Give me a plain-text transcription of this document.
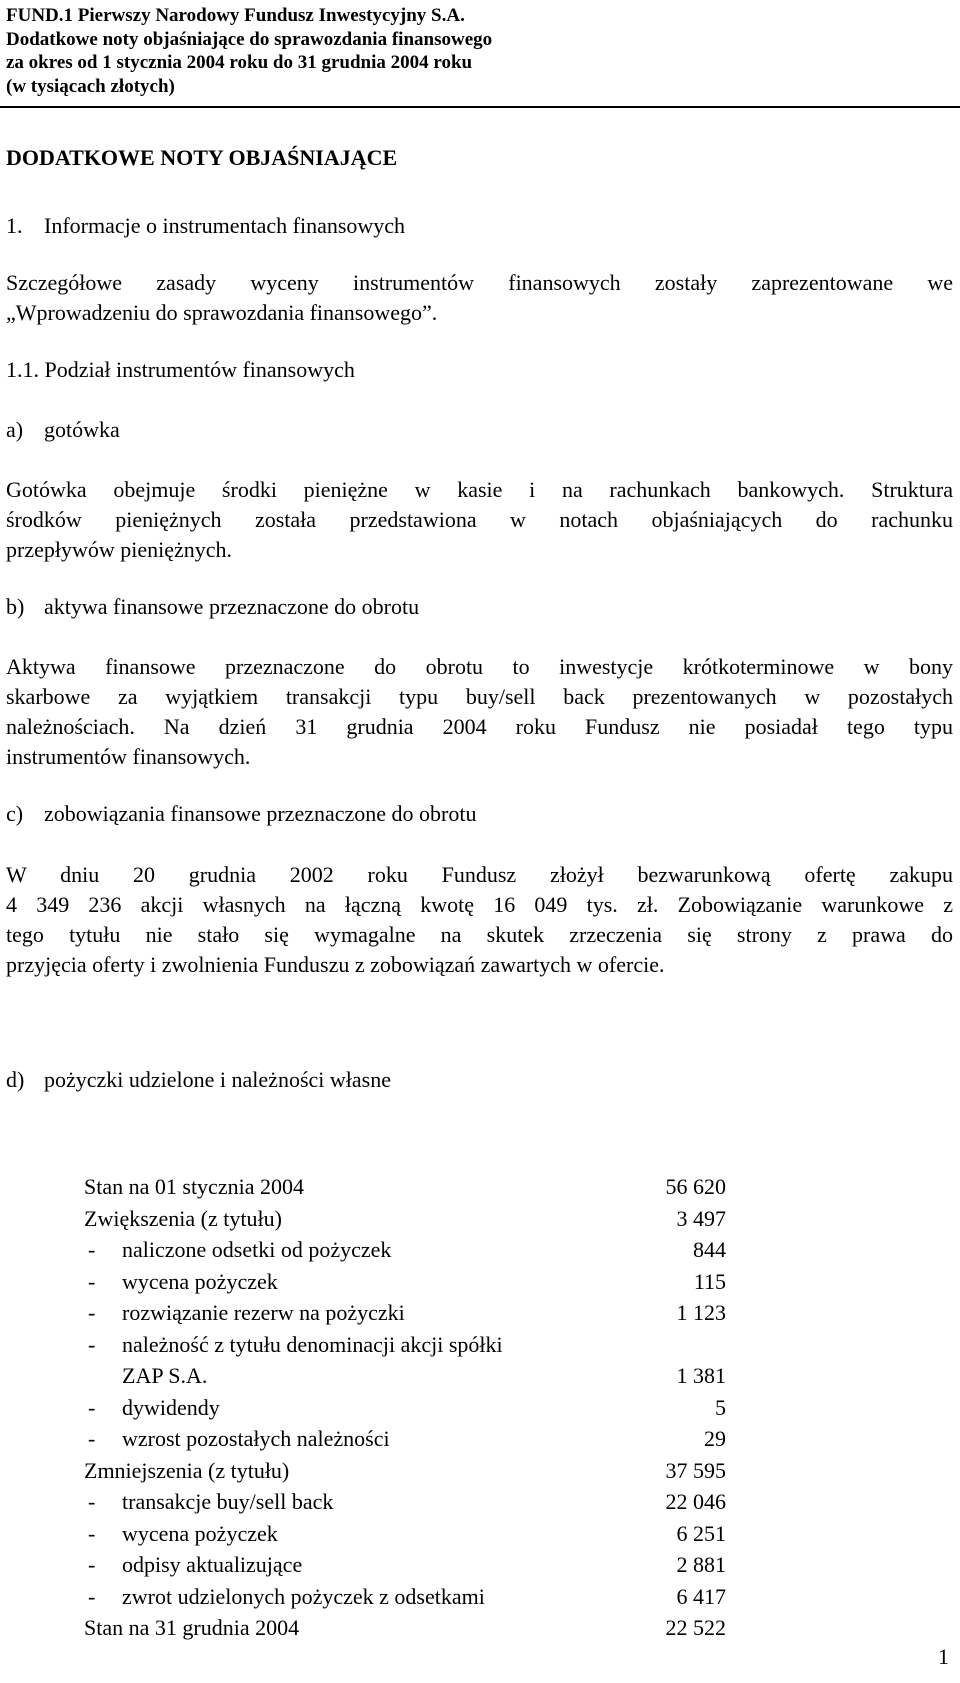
FUND.1 Pierwszy Narodowy Fundusz Inwestycyjny S.A.
Dodatkowe noty objaśniające do sprawozdania finansowego
za okres od 1 stycznia 2004 roku do 31 grudnia 2004 roku
(w tysiącach złotych)
DODATKOWE NOTY OBJAŚNIAJĄCE
1. Informacje o instrumentach finansowych
Szczegółowe zasady wyceny instrumentów finansowych zostały zaprezentowane we
„Wprowadzeniu do sprawozdania finansowego”.
1.1. Podział instrumentów finansowych
a) gotówka
Gotówka obejmuje środki pieniężne w kasie i na rachunkach bankowych. Struktura
środków pieniężnych została przedstawiona w notach objaśniających do rachunku
przepływów pieniężnych.
b) aktywa finansowe przeznaczone do obrotu
Aktywa finansowe przeznaczone do obrotu to inwestycje krótkoterminowe w bony
skarbowe za wyjątkiem transakcji typu buy/sell back prezentowanych w pozostałych
należnościach. Na dzień 31 grudnia 2004 roku Fundusz nie posiadał tego typu
instrumentów finansowych.
c) zobowiązania finansowe przeznaczone do obrotu
W dniu 20 grudnia 2002 roku Fundusz złożył bezwarunkową ofertę zakupu
4 349 236 akcji własnych na łączną kwotę 16 049 tys. zł. Zobowiązanie warunkowe z
tego tytułu nie stało się wymagalne na skutek zrzeczenia się strony z prawa do
przyjęcia oferty i zwolnienia Funduszu z zobowiązań zawartych w ofercie.
d) pożyczki udzielone i należności własne
Stan na 01 stycznia 2004	56 620
Zwiększenia (z tytułu)	3 497
- naliczone odsetki od pożyczek	844
- wycena pożyczek	115
- rozwiązanie rezerw na pożyczki	1 123
- należność z tytułu denominacji akcji spółki	
ZAP S.A.	1 381
- dywidendy	5
- wzrost pozostałych należności	29
Zmniejszenia (z tytułu)	37 595
- transakcje buy/sell back	22 046
- wycena pożyczek	6 251
- odpisy aktualizujące	2 881
- zwrot udzielonych pożyczek z odsetkami	6 417
Stan na 31 grudnia 2004	22 522
1
